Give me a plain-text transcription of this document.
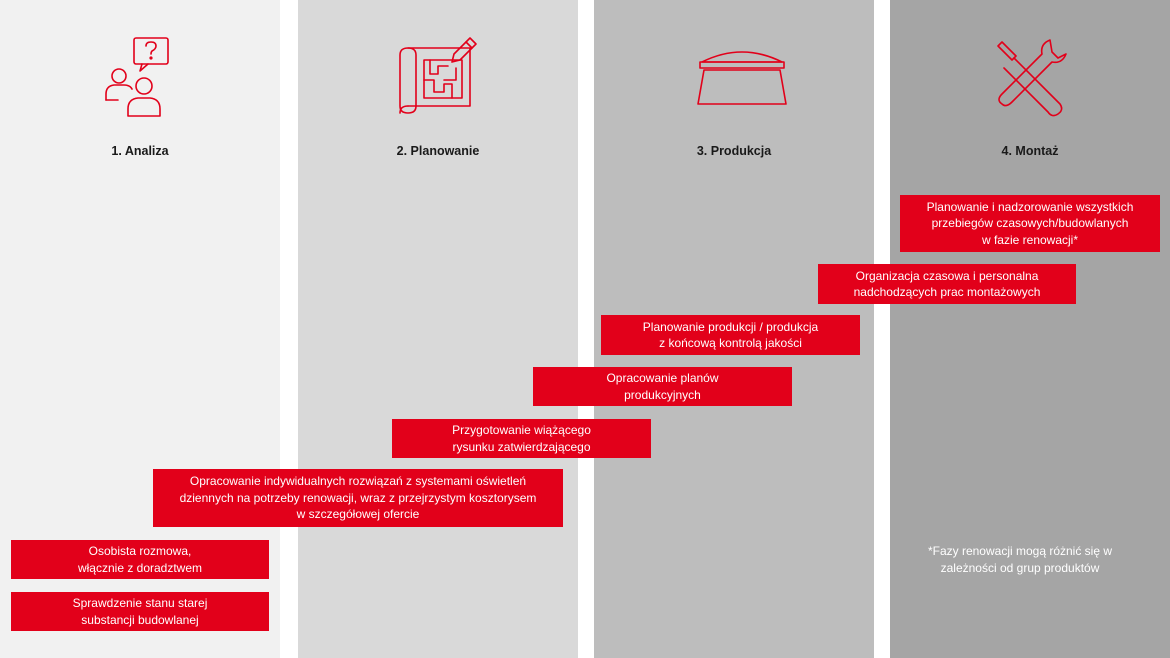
1. Analiza	2. Planowanie	3. Produkcja	4. Montaż
Planowanie i nadzorowanie wszystkich
przebiegów czasowych/budowlanych
w fazie renowacji*
Organizacja czasowa i personalna
nadchodzących prac montażowych
Planowanie produkcji / produkcja
z końcową kontrolą jakości
Opracowanie planów
produkcyjnych
Przygotowanie wiążącego
rysunku zatwierdzającego
Opracowanie indywidualnych rozwiązań z systemami oświetleń
dziennych na potrzeby renowacji, wraz z przejrzystym kosztorysem
w szczegółowej ofercie
Osobista rozmowa,
włącznie z doradztwem
Sprawdzenie stanu starej
substancji budowlanej
*Fazy renowacji mogą różnić się w
zależności od grup produktów
